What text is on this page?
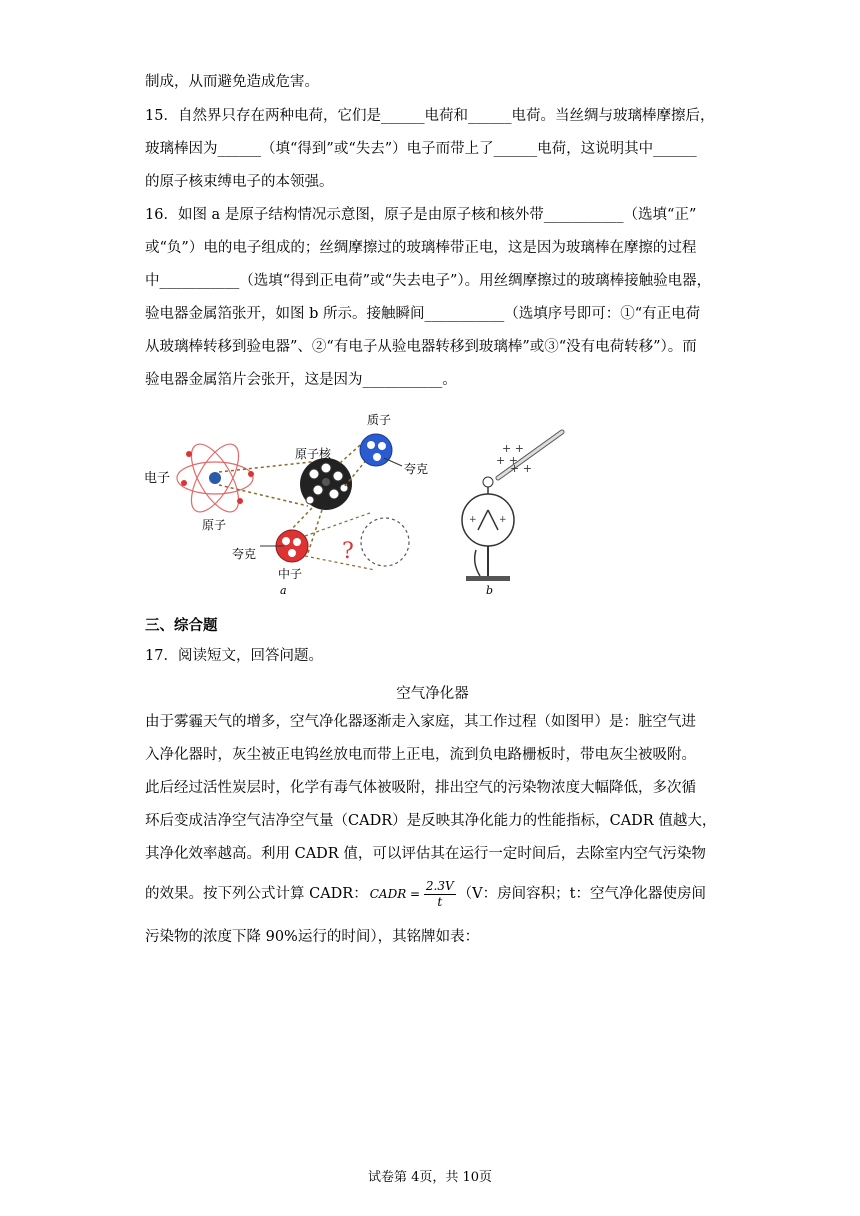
制成，从而避免造成危害。

15．自然界只存在两种电荷，它们是______电荷和______电荷。当丝绸与玻璃棒摩擦后，

玻璃棒因为______（填“得到”或“失去”）电子而带上了______电荷，这说明其中______

的原子核束缚电子的本领强。

16．如图 a 是原子结构情况示意图，原子是由原子核和核外带___________（选填“正”

或“负”）电的电子组成的；丝绸摩擦过的玻璃棒带正电，这是因为玻璃棒在摩擦的过程

中___________（选填“得到正电荷”或“失去电子”）。用丝绸摩擦过的玻璃棒接触验电器，

验电器金属箔张开，如图 b 所示。接触瞬间___________（选填序号即可：①“有正电荷

从玻璃棒转移到验电器”、②“有电子从验电器转移到玻璃棒”或③“没有电荷转移”）。而

验电器金属箔片会张开，这是因为___________。

?
电子
原子
原子核
质子
夸克
夸克
中子
a
+ +
+ +
+ +
+ +
b
三、综合题

17．阅读短文，回答问题。

空气净化器

由于雾霾天气的增多，空气净化器逐渐走入家庭，其工作过程（如图甲）是：脏空气进

入净化器时，灰尘被正电钨丝放电而带上正电，流到负电路栅板时，带电灰尘被吸附。

此后经过活性炭层时，化学有毒气体被吸附，排出空气的污染物浓度大幅降低，多次循

环后变成洁净空气洁净空气量（CADR）是反映其净化能力的性能指标，CADR 值越大，

其净化效率越高。利用 CADR 值，可以评估其在运行一定时间后，去除室内空气污染物

的效果。按下列公式计算 CADR： CADR = $\frac{2.3V}{t} (V$：房间容积；t：空气净化器使房间

污染物的浓度下降 90%运行的时间），其铭牌如表：

试卷第 4页，共 10页
